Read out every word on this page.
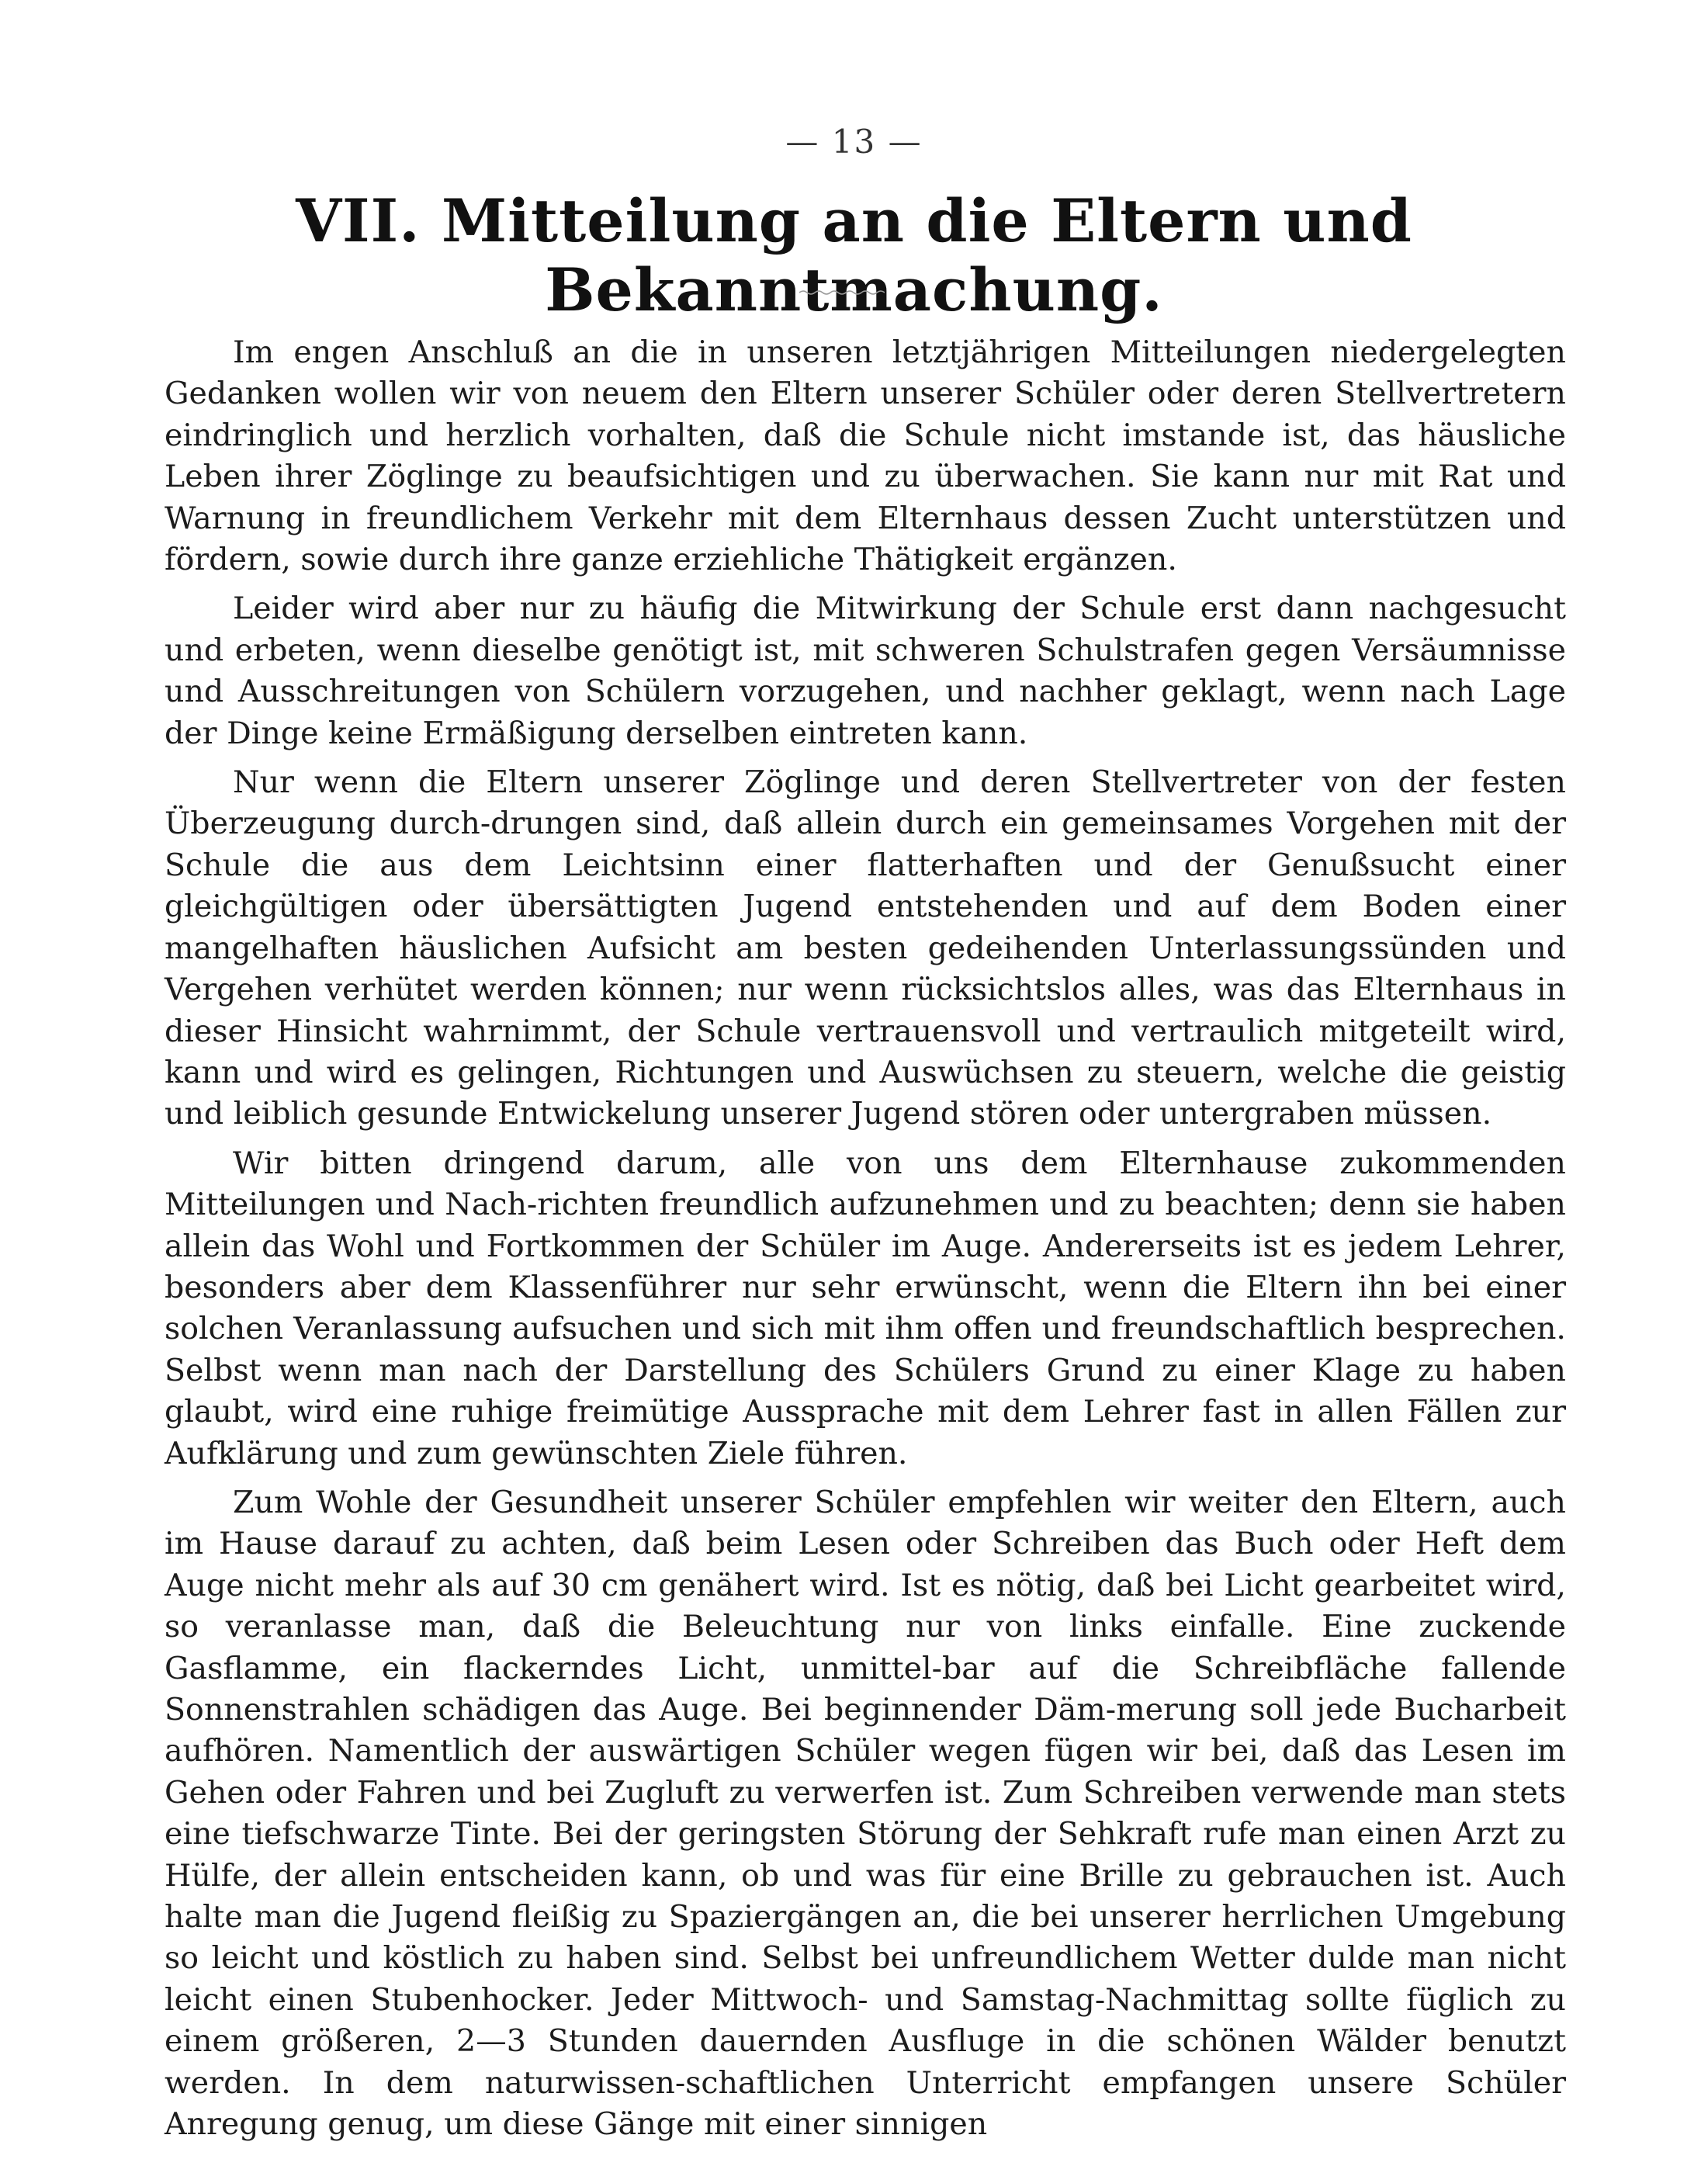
— 13 —
VII. Mitteilung an die Eltern und Bekanntmachung.

Im engen Anschluß an die in unseren letztjährigen Mitteilungen niedergelegten Gedanken wollen wir von neuem den Eltern unserer Schüler oder deren Stellvertretern eindringlich und herzlich vorhalten, daß die Schule nicht imstande ist, das häusliche Leben ihrer Zöglinge zu beaufsichtigen und zu überwachen. Sie kann nur mit Rat und Warnung in freundlichem Verkehr mit dem Elternhaus dessen Zucht unterstützen und fördern, sowie durch ihre ganze erziehliche Thätigkeit ergänzen.

Leider wird aber nur zu häufig die Mitwirkung der Schule erst dann nachgesucht und erbeten, wenn dieselbe genötigt ist, mit schweren Schulstrafen gegen Versäumnisse und Ausschreitungen von Schülern vorzugehen, und nachher geklagt, wenn nach Lage der Dinge keine Ermäßigung derselben eintreten kann.

Nur wenn die Eltern unserer Zöglinge und deren Stellvertreter von der festen Überzeugung durch-drungen sind, daß allein durch ein gemeinsames Vorgehen mit der Schule die aus dem Leichtsinn einer flatterhaften und der Genußsucht einer gleichgültigen oder übersättigten Jugend entstehenden und auf dem Boden einer mangelhaften häuslichen Aufsicht am besten gedeihenden Unterlassungssünden und Vergehen verhütet werden können; nur wenn rücksichtslos alles, was das Elternhaus in dieser Hinsicht wahrnimmt, der Schule vertrauensvoll und vertraulich mitgeteilt wird, kann und wird es gelingen, Richtungen und Auswüchsen zu steuern, welche die geistig und leiblich gesunde Entwickelung unserer Jugend stören oder untergraben müssen.

Wir bitten dringend darum, alle von uns dem Elternhause zukommenden Mitteilungen und Nach-richten freundlich aufzunehmen und zu beachten; denn sie haben allein das Wohl und Fortkommen der Schüler im Auge. Andererseits ist es jedem Lehrer, besonders aber dem Klassenführer nur sehr erwünscht, wenn die Eltern ihn bei einer solchen Veranlassung aufsuchen und sich mit ihm offen und freundschaftlich besprechen. Selbst wenn man nach der Darstellung des Schülers Grund zu einer Klage zu haben glaubt, wird eine ruhige freimütige Aussprache mit dem Lehrer fast in allen Fällen zur Aufklärung und zum gewünschten Ziele führen.

Zum Wohle der Gesundheit unserer Schüler empfehlen wir weiter den Eltern, auch im Hause darauf zu achten, daß beim Lesen oder Schreiben das Buch oder Heft dem Auge nicht mehr als auf 30 cm genähert wird. Ist es nötig, daß bei Licht gearbeitet wird, so veranlasse man, daß die Beleuchtung nur von links einfalle. Eine zuckende Gasflamme, ein flackerndes Licht, unmittel-bar auf die Schreibfläche fallende Sonnenstrahlen schädigen das Auge. Bei beginnender Däm-merung soll jede Bucharbeit aufhören. Namentlich der auswärtigen Schüler wegen fügen wir bei, daß das Lesen im Gehen oder Fahren und bei Zugluft zu verwerfen ist. Zum Schreiben verwende man stets eine tiefschwarze Tinte. Bei der geringsten Störung der Sehkraft rufe man einen Arzt zu Hülfe, der allein entscheiden kann, ob und was für eine Brille zu gebrauchen ist. Auch halte man die Jugend fleißig zu Spaziergängen an, die bei unserer herrlichen Umgebung so leicht und köstlich zu haben sind. Selbst bei unfreundlichem Wetter dulde man nicht leicht einen Stubenhocker. Jeder Mittwoch- und Samstag-Nachmittag sollte füglich zu einem größeren, 2—3 Stunden dauernden Ausfluge in die schönen Wälder benutzt werden. In dem naturwissen-schaftlichen Unterricht empfangen unsere Schüler Anregung genug, um diese Gänge mit einer sinnigen
